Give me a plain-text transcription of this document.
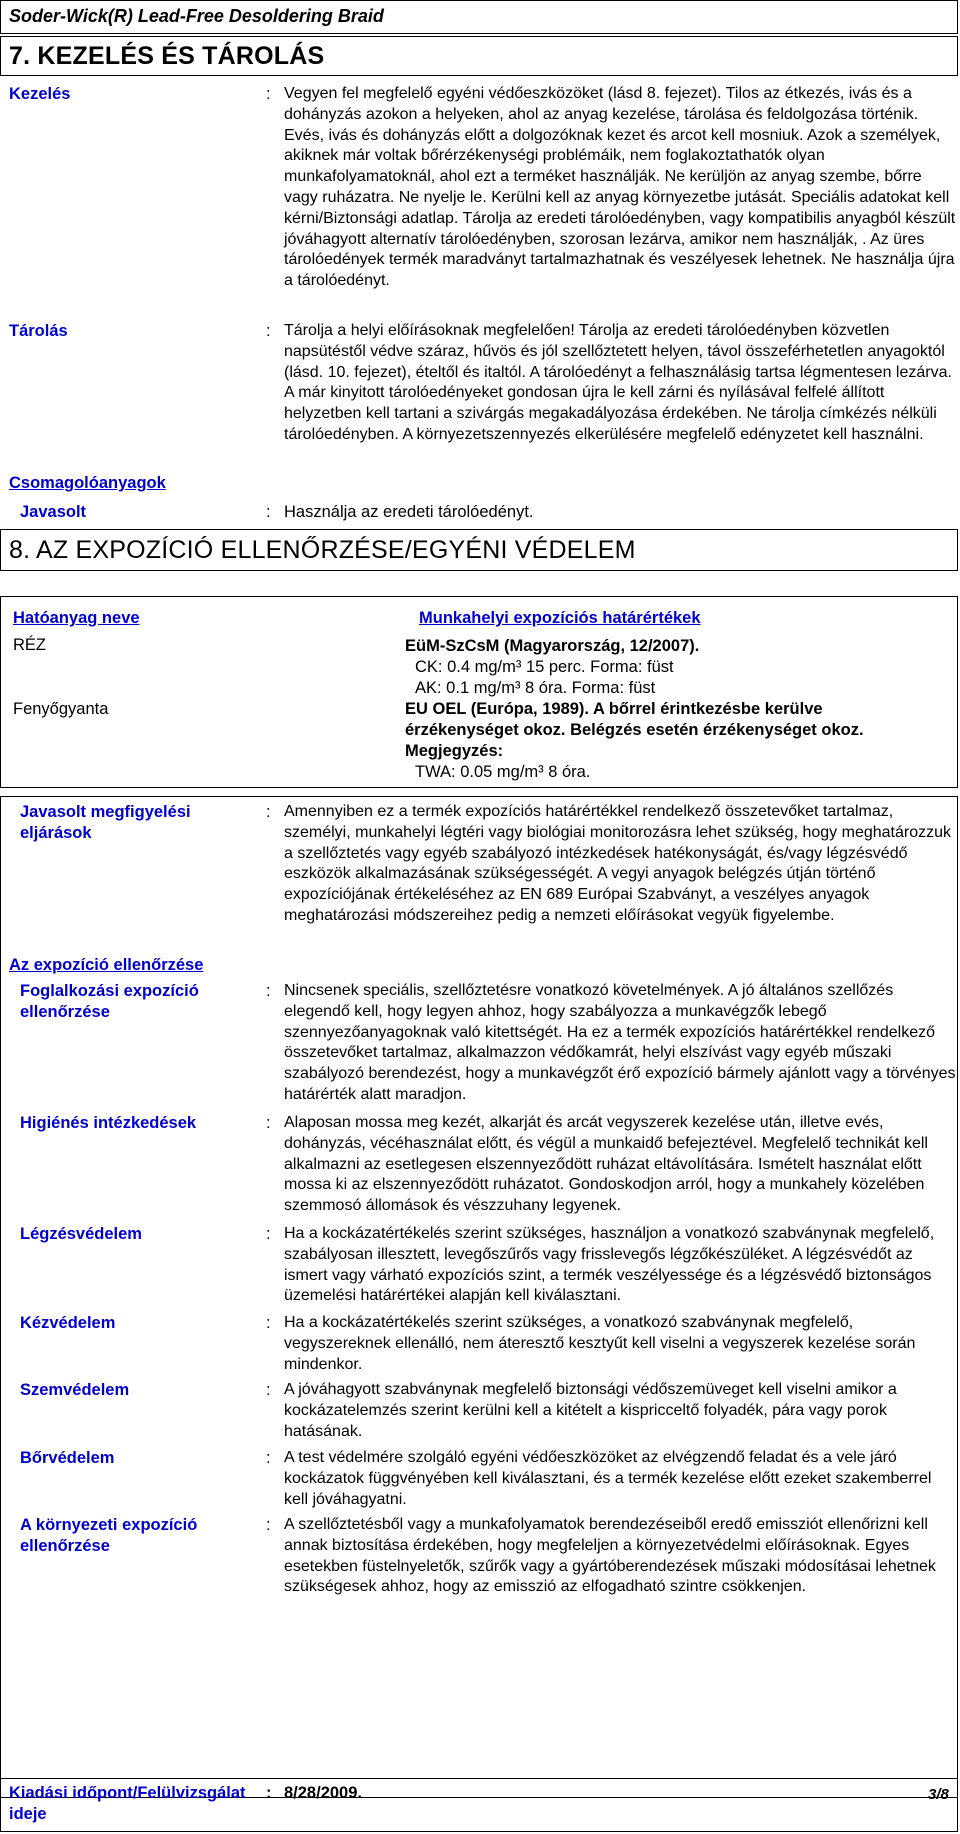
Soder-Wick(R) Lead-Free Desoldering Braid
7. KEZELÉS ÉS TÁROLÁS
Kezelés	: Vegyen fel megfelelő egyéni védőeszközöket (lásd 8. fejezet). Tilos az étkezés, ivás és a dohányzás azokon a helyeken, ahol az anyag kezelése, tárolása és feldolgozása történik. Evés, ivás és dohányzás előtt a dolgozóknak kezet és arcot kell mosniuk. Azok a személyek, akiknek már voltak bőrérzékenységi problémáik, nem foglakoztathatók olyan munkafolyamatoknál, ahol ezt a terméket használják. Ne kerüljön az anyag szembe, bőrre vagy ruházatra. Ne nyelje le. Kerülni kell az anyag környezetbe jutását. Speciális adatokat kell kérni/Biztonsági adatlap. Tárolja az eredeti tárolóedényben, vagy kompatibilis anyagból készült jóváhagyott alternatív tárolóedényben, szorosan lezárva, amikor nem használják, . Az üres tárolóedények termék maradványt tartalmazhatnak és veszélyesek lehetnek. Ne használja újra a tárolóedényt.
Tárolás	: Tárolja a helyi előírásoknak megfelelően! Tárolja az eredeti tárolóedényben közvetlen napsütéstől védve száraz, hűvös és jól szellőztetett helyen, távol összeférhetetlen anyagoktól (lásd. 10. fejezet), ételtől és italtól. A tárolóedényt a felhasználásig tartsa légmentesen lezárva. A már kinyitott tárolóedényeket gondosan újra le kell zárni és nyílásával felfelé állított helyzetben kell tartani a szivárgás megakadályozása érdekében. Ne tárolja címkézés nélküli tárolóedényben. A környezetszennyezés elkerülésére megfelelő edényzetet kell használni.
Csomagolóanyagok
Javasolt	: Használja az eredeti tárolóedényt.
8. AZ EXPOZÍCIÓ ELLENŐRZÉSE/EGYÉNI VÉDELEM
Hatóanyag neve	Munkahelyi expozíciós határértékek
RÉZ	EüM-SzCsM (Magyarország, 12/2007).
CK: 0.4 mg/m³ 15 perc. Forma: füst
AK: 0.1 mg/m³ 8 óra. Forma: füst
Fenyőgyanta	EU OEL (Európa, 1989). A bőrrel érintkezésbe kerülve
érzékenységet okoz. Belégzés esetén érzékenységet okoz.
Megjegyzés:
TWA: 0.05 mg/m³ 8 óra.
Javasolt megfigyelési eljárások
: Amennyiben ez a termék expozíciós határértékkel rendelkező összetevőket tartalmaz, személyi, munkahelyi légtéri vagy biológiai monitorozásra lehet szükség, hogy meghatározzuk a szellőztetés vagy egyéb szabályozó intézkedések hatékonyságát, és/vagy légzésvédő eszközök alkalmazásának szükségességét. A vegyi anyagok belégzés útján történő expozíciójának értékeléséhez az EN 689 Európai Szabványt, a veszélyes anyagok meghatározási módszereihez pedig a nemzeti előírásokat vegyük figyelembe.
Az expozíció ellenőrzése
Foglalkozási expozíció ellenőrzése
: Nincsenek speciális, szellőztetésre vonatkozó követelmények. A jó általános szellőzés elegendő kell, hogy legyen ahhoz, hogy szabályozza a munkavégzők lebegő szennyezőanyagoknak való kitettségét. Ha ez a termék expozíciós határértékkel rendelkező összetevőket tartalmaz, alkalmazzon védőkamrát, helyi elszívást vagy egyéb műszaki szabályozó berendezést, hogy a munkavégzőt érő expozíció bármely ajánlott vagy a törvényes határérték alatt maradjon.
Higiénés intézkedések	: Alaposan mossa meg kezét, alkarját és arcát vegyszerek kezelése után, illetve evés, dohányzás, vécéhasználat előtt, és végül a munkaidő befejeztével. Megfelelő technikát kell alkalmazni az esetlegesen elszennyeződött ruházat eltávolítására. Ismételt használat előtt mossa ki az elszennyeződött ruházatot. Gondoskodjon arról, hogy a munkahely közelében szemmosó állomások és vészzuhany legyenek.
Légzésvédelem	: Ha a kockázatértékelés szerint szükséges, használjon a vonatkozó szabványnak megfelelő, szabályosan illesztett, levegőszűrős vagy frisslevegős légzőkészüléket. A légzésvédőt az ismert vagy várható expozíciós szint, a termék veszélyessége és a légzésvédő biztonságos üzemelési határértékei alapján kell kiválasztani.
Kézvédelem	: Ha a kockázatértékelés szerint szükséges, a vonatkozó szabványnak megfelelő, vegyszereknek ellenálló, nem áteresztő kesztyűt kell viselni a vegyszerek kezelése során mindenkor.
Szemvédelem	: A jóváhagyott szabványnak megfelelő biztonsági védőszemüveget kell viselni amikor a kockázatelemzés szerint kerülni kell a kitételt a kispricceltő folyadék, pára vagy porok hatásának.
Bőrvédelem	: A test védelmére szolgáló egyéni védőeszközöket az elvégzendő feladat és a vele járó kockázatok függvényében kell kiválasztani, és a termék kezelése előtt ezeket szakemberrel kell jóváhagyatni.
A környezeti expozíció ellenőrzése
: A szellőztetésből vagy a munkafolyamatok berendezéseiből eredő emissziót ellenőrizni kell annak biztosítása érdekében, hogy megfeleljen a környezetvédelmi előírásoknak. Egyes esetekben füstelnyeletők, szűrők vagy a gyártóberendezések műszaki módosításai lehetnek szükségesek ahhoz, hogy az emisszió az elfogadható szintre csökkenjen.
Kiadási időpont/Felülvizsgálat ideje
: 8/28/2009.	3/8
